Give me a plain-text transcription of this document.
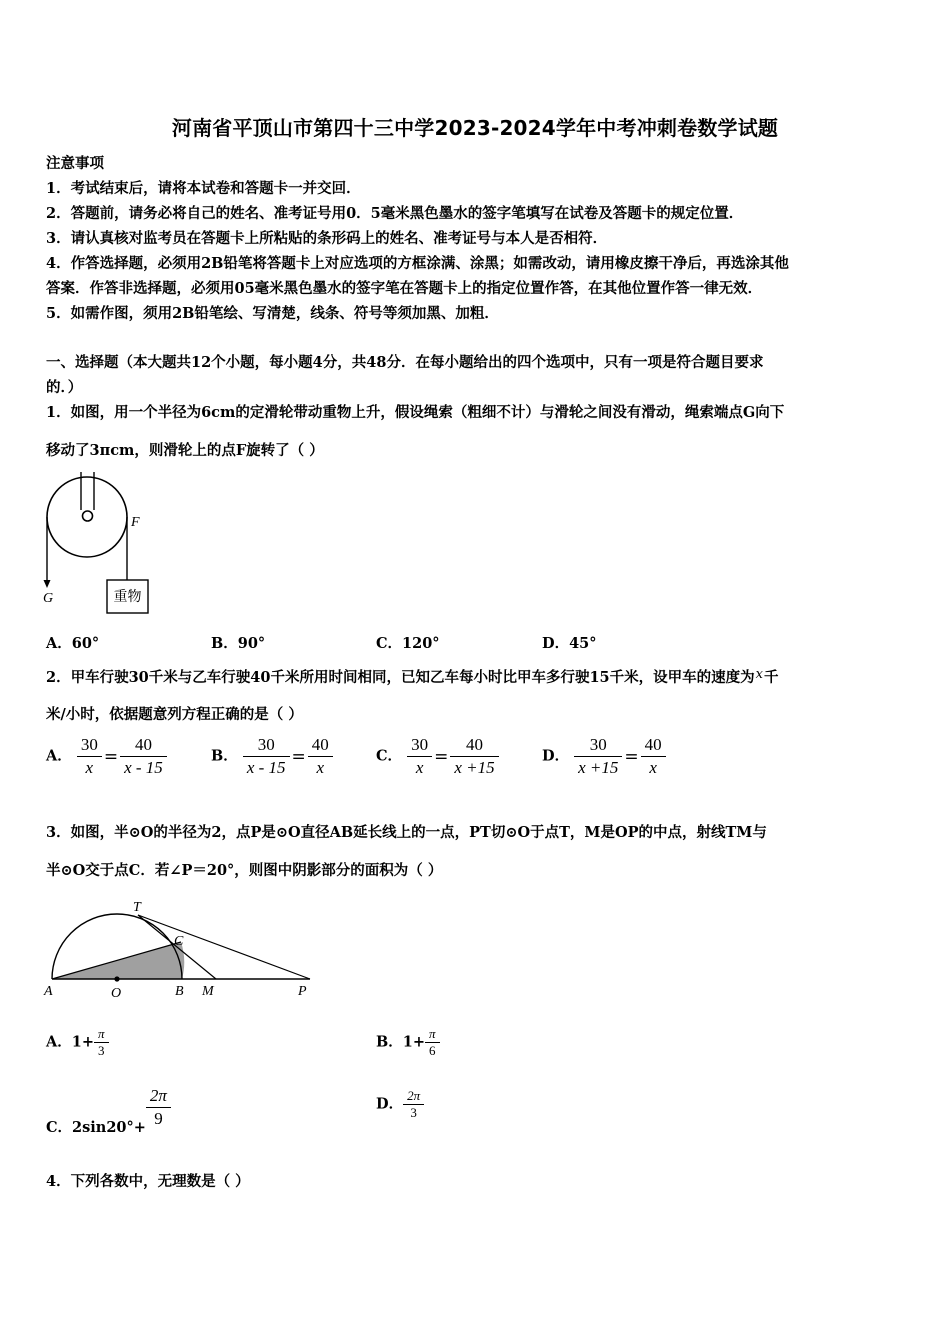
河南省平顶山市第四十三中学2023-2024学年中考冲刺卷数学试题
注意事项
1．考试结束后，请将本试卷和答题卡一并交回．
2．答题前，请务必将自己的姓名、准考证号用0．5毫米黑色墨水的签字笔填写在试卷及答题卡的规定位置．
3．请认真核对监考员在答题卡上所粘贴的条形码上的姓名、准考证号与本人是否相符．
4．作答选择题，必须用2B铅笔将答题卡上对应选项的方框涂满、涂黑；如需改动，请用橡皮擦干净后，再选涂其他
答案．作答非选择题，必须用05毫米黑色墨水的签字笔在答题卡上的指定位置作答，在其他位置作答一律无效．
5．如需作图，须用2B铅笔绘、写清楚，线条、符号等须加黑、加粗．
一、选择题（本大题共12个小题，每小题4分，共48分．在每小题给出的四个选项中，只有一项是符合题目要求
的．）
1．如图，用一个半径为6cm的定滑轮带动重物上升，假设绳索（粗细不计）与滑轮之间没有滑动，绳索端点G向下
移动了3πcm，则滑轮上的点F旋转了（ ）
重物
F
G
A．60°	B．90°	C．120°	D．45°
2．甲车行驶30千米与乙车行驶40千米所用时间相同，已知乙车每小时比甲车多行驶15千米，设甲车的速度为x千
米/小时，依据题意列方程正确的是（ ）
A． $\frac{30}{x} = \frac{40}{x - 15}$	B． $\frac{30}{x - 15} = \frac{40}{x}$	C． $\frac{30}{x} = \frac{40}{x +15}$	D． $\frac{30}{x +15} = \frac{40}{x}$
3．如图，半⊙O的半径为2，点P是⊙O直径AB延长线上的一点，PT切⊙O于点T，M是OP的中点，射线TM与
半⊙O交于点C．若∠P＝20°，则图中阴影部分的面积为（ ）
T
C
A	O	B M	P
A．$1+ \frac{\pi}{3}$	B．$1+ \frac{\pi}{6}$
C．$2\sin 20^\circ+ \frac{2\pi}{9}$	D． $\frac{2\pi}{3}$
4．下列各数中，无理数是（ ）
